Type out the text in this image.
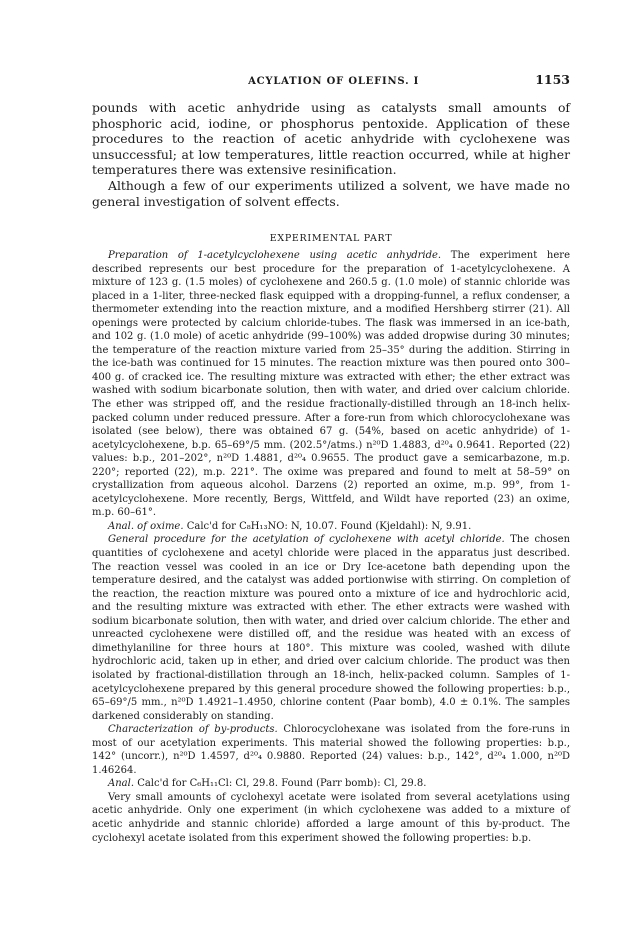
ACYLATION OF OLEFINS. I	1153

pounds with acetic anhydride using as catalysts small amounts of phosphoric acid, iodine, or phosphorus pentoxide. Application of these procedures to the reaction of acetic anhydride with cyclohexene was unsuccessful; at low temperatures, little reaction occurred, while at higher temperatures there was extensive resinification.

Although a few of our experiments utilized a solvent, we have made no general investigation of solvent effects.

EXPERIMENTAL PART

Preparation of 1-acetylcyclohexene using acetic anhydride. The experiment here described represents our best procedure for the preparation of 1-acetylcyclohexene. A mixture of 123 g. (1.5 moles) of cyclohexene and 260.5 g. (1.0 mole) of stannic chloride was placed in a 1-liter, three-necked flask equipped with a dropping-funnel, a reflux condenser, a thermometer extending into the reaction mixture, and a modified Hershberg stirrer (21). All openings were protected by calcium chloride-tubes. The flask was immersed in an ice-bath, and 102 g. (1.0 mole) of acetic anhydride (99–100%) was added dropwise during 30 minutes; the temperature of the reaction mixture varied from 25–35° during the addition. Stirring in the ice-bath was continued for 15 minutes. The reaction mixture was then poured onto 300–400 g. of cracked ice. The resulting mixture was extracted with ether; the ether extract was washed with sodium bicarbonate solution, then with water, and dried over calcium chloride. The ether was stripped off, and the residue fractionally-distilled through an 18-inch helix-packed column under reduced pressure. After a fore-run from which chlorocyclohexane was isolated (see below), there was obtained 67 g. (54%, based on acetic anhydride) of 1-acetylcyclohexene, b.p. 65–69°/5 mm. (202.5°/atms.) n²⁰D 1.4883, d²⁰₄ 0.9641. Reported (22) values: b.p., 201–202°, n²⁰D 1.4881, d²⁰₄ 0.9655. The product gave a semicarbazone, m.p. 220°; reported (22), m.p. 221°. The oxime was prepared and found to melt at 58–59° on crystallization from aqueous alcohol. Darzens (2) reported an oxime, m.p. 99°, from 1-acetylcyclohexene. More recently, Bergs, Wittfeld, and Wildt have reported (23) an oxime, m.p. 60–61°.

Anal. of oxime. Calc'd for C₈H₁₃NO: N, 10.07. Found (Kjeldahl): N, 9.91.

General procedure for the acetylation of cyclohexene with acetyl chloride. The chosen quantities of cyclohexene and acetyl chloride were placed in the apparatus just described. The reaction vessel was cooled in an ice or Dry Ice-acetone bath depending upon the temperature desired, and the catalyst was added portionwise with stirring. On completion of the reaction, the reaction mixture was poured onto a mixture of ice and hydrochloric acid, and the resulting mixture was extracted with ether. The ether extracts were washed with sodium bicarbonate solution, then with water, and dried over calcium chloride. The ether and unreacted cyclohexene were distilled off, and the residue was heated with an excess of dimethylaniline for three hours at 180°. This mixture was cooled, washed with dilute hydrochloric acid, taken up in ether, and dried over calcium chloride. The product was then isolated by fractional-distillation through an 18-inch, helix-packed column. Samples of 1-acetylcyclohexene prepared by this general procedure showed the following properties: b.p., 65–69°/5 mm., n²⁰D 1.4921–1.4950, chlorine content (Paar bomb), 4.0 ± 0.1%. The samples darkened considerably on standing.

Characterization of by-products. Chlorocyclohexane was isolated from the fore-runs in most of our acetylation experiments. This material showed the following properties: b.p., 142° (uncorr.), n²⁰D 1.4597, d²⁰₄ 0.9880. Reported (24) values: b.p., 142°, d²⁰₄ 1.000, n²⁰D 1.46264.

Anal. Calc'd for C₆H₁₁Cl: Cl, 29.8. Found (Parr bomb): Cl, 29.8.

Very small amounts of cyclohexyl acetate were isolated from several acetylations using acetic anhydride. Only one experiment (in which cyclohexene was added to a mixture of acetic anhydride and stannic chloride) afforded a large amount of this by-product. The cyclohexyl acetate isolated from this experiment showed the following properties: b.p.
